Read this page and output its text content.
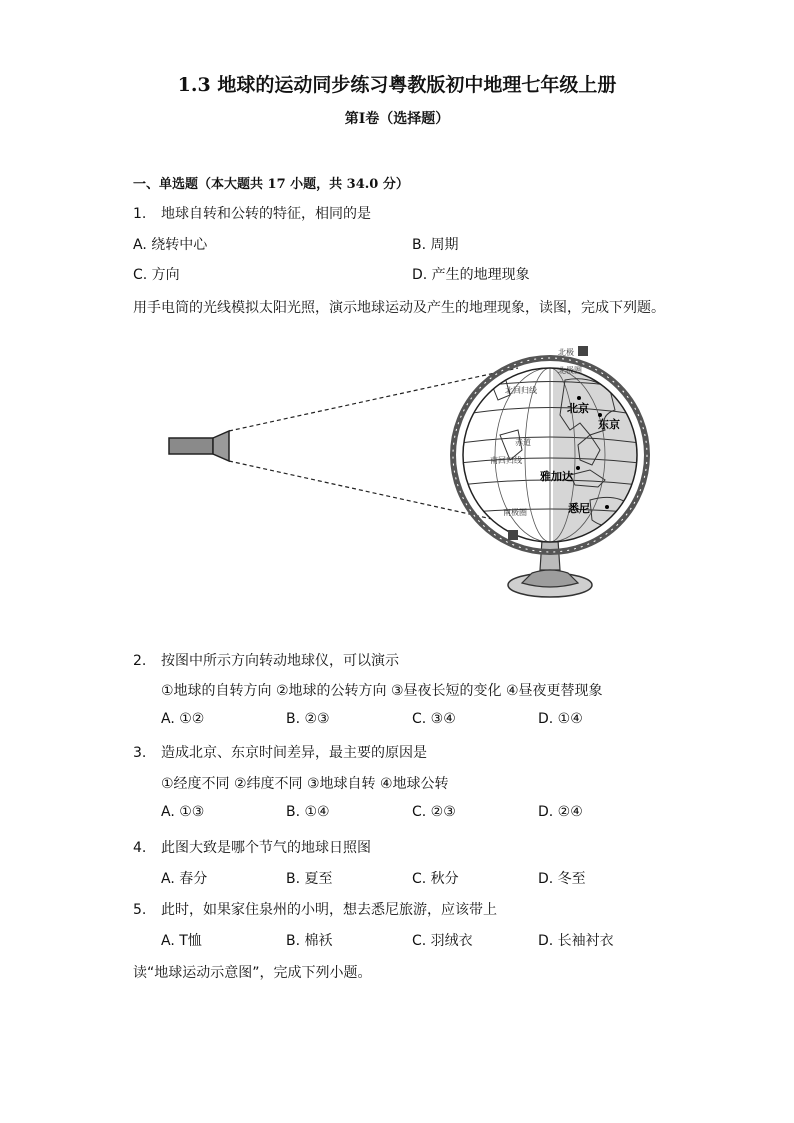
1.3 地球的运动同步练习粤教版初中地理七年级上册
第I卷（选择题）
一、单选题（本大题共 17 小题，共 34.0 分）
1. 地球自转和公转的特征，相同的是
A. 绕转中心	B. 周期
C. 方向	D. 产生的地理现象
用手电筒的光线模拟太阳光照，演示地球运动及产生的地理现象，读图，完成下列题。
北极
北极圈
北回归线
赤道
南回归线
南极圈
北京
东京
雅加达
悉尼
2. 按图中所示方向转动地球仪，可以演示
①地球的自转方向 ②地球的公转方向 ③昼夜长短的变化 ④昼夜更替现象
A. ①②	B. ②③	C. ③④	D. ①④
3. 造成北京、东京时间差异，最主要的原因是
①经度不同 ②纬度不同 ③地球自转 ④地球公转
A. ①③	B. ①④	C. ②③	D. ②④
4. 此图大致是哪个节气的地球日照图
A. 春分	B. 夏至	C. 秋分	D. 冬至
5. 此时，如果家住泉州的小明，想去悉尼旅游，应该带上
A. T恤	B. 棉袄	C. 羽绒衣	D. 长袖衬衣
读“地球运动示意图”，完成下列小题。
